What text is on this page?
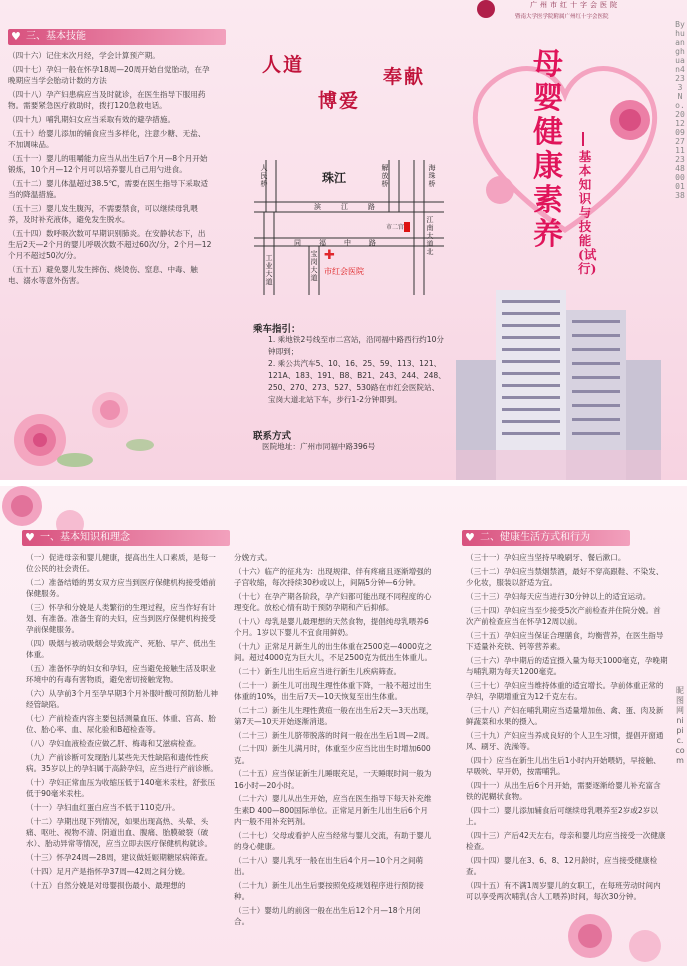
♥ 三、基本技能

（四十六）记住末次月经，学会计算预产期。

（四十七）孕妇一般在怀孕18周—20周开始自觉胎动，在孕晚期应当学会胎动计数的方法

（四十八）孕产妇患病应当及时就诊，在医生指导下服用药物。需要紧急医疗救助时，拨打120急救电话。

（四十九）哺乳期妇女应当采取有效的避孕措施。

（五十）给婴儿添加的辅食应当多样化，注意少糖、无盐、不加调味品。

（五十一）婴儿的咀嚼能力应当从出生后7个月—8个月开始锻炼，10个月—12个月可以培养婴儿自己用勺进食。

（五十二）婴儿体温超过38.5℃，需要在医生指导下采取适当的降温措施。

（五十三）婴儿发生腹泻，不需要禁食，可以继续母乳喂养，及时补充液体，避免发生脱水。

（五十四）数呼吸次数可早期识别肺炎。在安静状态下，出生后2天—2个月的婴儿呼吸次数不超过60次/分，2个月—12个月不超过50次/分。

（五十五）避免婴儿发生摔伤、烧烫伤、窒息、中毒、触电、溺水等意外伤害。

人道
博爱
奉献
人民桥	珠江
解放桥
海珠桥
滨江路
江南大道北
同福中路
工业大道
宝岗大道
市二宫
✚
市红会医院
乘车指引：

1. 乘地铁2号线至市二宫站，沿同福中路西行约10分钟即到；

2. 乘公共汽车5、10、16、25、59、113、121、121A、183、191、B8、B21、243、244、248、250、270、273、527、530路在市红会医院站、宝岗大道北站下车，步行1-2分钟即到。

联系方式
医院地址：广州市同福中路396号
广州市红十字会医院
暨南大学医学院附属广州红十字会医院
母婴健康素养
基本知识与技能(试行)
Byhuanghuan4233 No.20120927112348000138
♥ 一、基本知识和理念

（一）促进母亲和婴儿健康，提高出生人口素质，是每一位公民的社会责任。

（二）准备结婚的男女双方应当到医疗保健机构接受婚前保健服务。

（三）怀孕和分娩是人类繁衍的生理过程，应当作好有计划、有准备。准备生育的夫妇，应当到医疗保健机构接受孕前保健服务。

（四）吸烟与被动吸烟会导致流产、死胎、早产、低出生体重。

（五）准备怀孕的妇女和孕妇，应当避免接触生活及职业环境中的有毒有害物质，避免密切接触宠物。

（六）从孕前3个月至孕早期3个月补服叶酸可预防胎儿神经管缺陷。

（七）产前检查内容主要包括测量血压、体重、宫高、胎位、胎心率、血、尿化验和B超检查等。

（八）孕妇血液检查应做乙肝、梅毒和艾滋病检查。

（九）产前诊断可发现胎儿某些先天性缺陷和遗传性疾病。35岁以上的孕妇属于高龄孕妇，应当进行产前诊断。

（十）孕妇正常血压为收缩压低于140毫米汞柱，舒张压低于90毫米汞柱。

（十一）孕妇血红蛋白应当不低于110克/升。

（十二）孕期出现下列情况，如果出现高热、头晕、头痛、呕吐、视物不清、阴道出血、腹痛、胎膜破裂（破水）、胎动异常等情况，应当立即去医疗保健机构就诊。

（十三）怀孕24周—28周，建议做妊娠期糖尿病筛查。

（十四）足月产是指怀孕37周—42周之间分娩。

（十五）自然分娩是对母婴损伤最小、最理想的

分娩方式。

（十六）临产的征兆为：出现规律、伴有疼痛且逐渐增强的子宫收缩，每次持续30秒或以上，间隔5分钟—6分钟。

（十七）在孕产期各阶段，孕产妇都可能出现不同程度的心理变化。放松心情有助于预防孕期和产后抑郁。

（十八）母乳是婴儿最理想的天然食物，提倡纯母乳喂养6个月。1岁以下婴儿不宜食用鲜奶。

（十九）正常足月新生儿的出生体重在2500克—4000克之间。超过4000克为巨大儿，不足2500克为低出生体重儿。

（二十）新生儿出生后应当进行新生儿疾病筛查。

（二十一）新生儿可出现生理性体重下降，一般不超过出生体重的10%，出生后7天—10天恢复至出生体重。

（二十二）新生儿生理性黄疸一般在出生后2天—3天出现，第7天—10天开始逐渐消退。

（二十三）新生儿脐带脱落的时间一般在出生后1周—2周。

（二十四）新生儿满月时，体重至少应当比出生时增加600克。

（二十五）应当保证新生儿睡眠充足，一天睡眠时间一般为16小时—20小时。

（二十六）婴儿从出生开始，应当在医生指导下每天补充维生素D 400—800国际单位。正常足月新生儿出生后6个月内一般不用补充钙剂。

（二十七）父母或看护人应当经常与婴儿交流，有助于婴儿的身心健康。

（二十八）婴儿乳牙一般在出生后4个月—10个月之间萌出。

（二十九）新生儿出生后要按照免疫规划程序进行预防接种。

（三十）婴幼儿的前囟一般在出生后12个月—18个月闭合。

♥ 二、健康生活方式和行为

（三十一）孕妇应当坚持早晚刷牙、餐后漱口。

（三十二）孕妇应当禁烟禁酒，最好不穿高跟鞋、不染发、少化妆，服装以舒适为宜。

（三十三）孕妇每天应当进行30分钟以上的适宜运动。

（三十四）孕妇应当至少接受5次产前检查并住院分娩。首次产前检查应当在怀孕12周以前。

（三十五）孕妇应当保证合理膳食，均衡营养，在医生指导下适量补充铁、钙等营养素。

（三十六）孕中期后的适宜摄入量为每天1000毫克，孕晚期与哺乳期为每天1200毫克。

（三十七）孕妇应当维持体重的适宜增长。孕前体重正常的孕妇，孕期增重宜为12千克左右。

（三十八）产妇在哺乳期应当适量增加鱼、禽、蛋、肉及新鲜蔬菜和水果的摄入。

（三十九）产妇应当养成良好的个人卫生习惯，提倡开窗通风、刷牙、洗澡等。

（四十）应当在新生儿出生后1小时内开始喂奶，早接触、早吸吮、早开奶，按需哺乳。

（四十一）从出生后6个月开始，需要逐渐给婴儿补充富含铁的泥糊状食物。

（四十二）婴儿添加辅食后可继续母乳喂养至2岁或2岁以上。

（四十三）产后42天左右，母亲和婴儿均应当接受一次健康检查。

（四十四）婴儿在3、6、8、12月龄时，应当接受健康检查。

（四十五）有不满1周岁婴儿的女职工，在每班劳动时间内可以享受两次哺乳(含人工喂养)时间，每次30分钟。

昵图网 nipic.com
